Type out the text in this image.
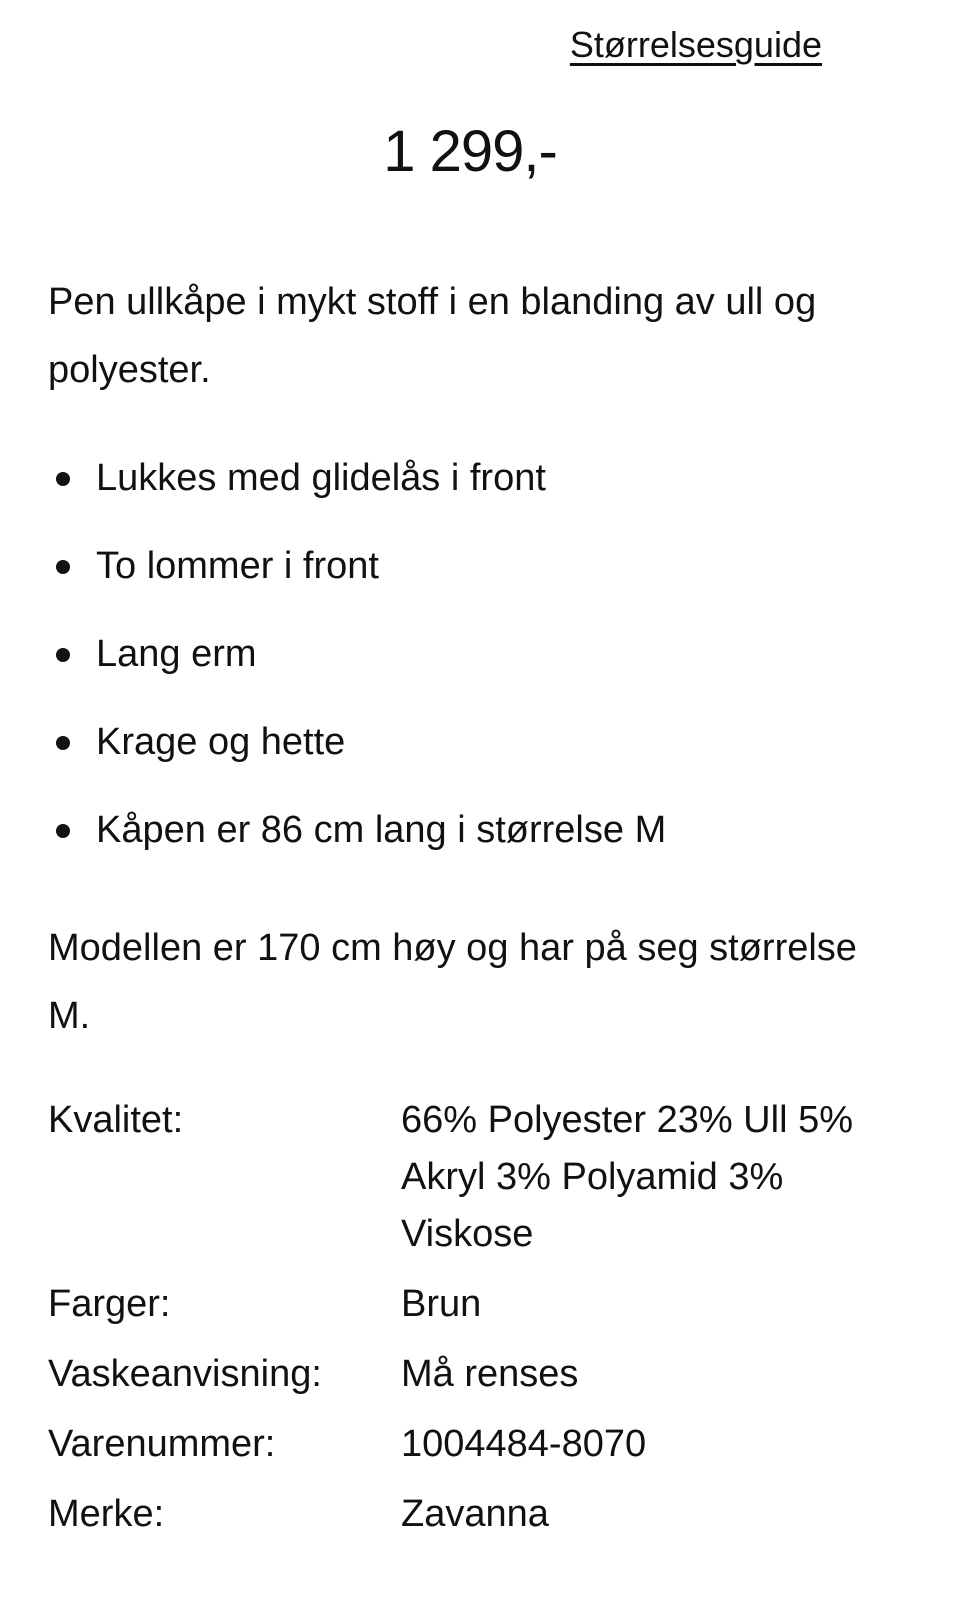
Størrelsesguide
1 299,-

Pen ullkåpe i mykt stoff i en blanding av ull og polyester.

Lukkes med glidelås i front
To lommer i front
Lang erm
Krage og hette
Kåpen er 86 cm lang i størrelse M

Modellen er 170 cm høy og har på seg størrelse M.

Kvalitet:	66% Polyester 23% Ull 5% Akryl 3% Polyamid 3% Viskose
Farger:	Brun
Vaskeanvisning:	Må renses
Varenummer:	1004484-8070
Merke:	Zavanna
